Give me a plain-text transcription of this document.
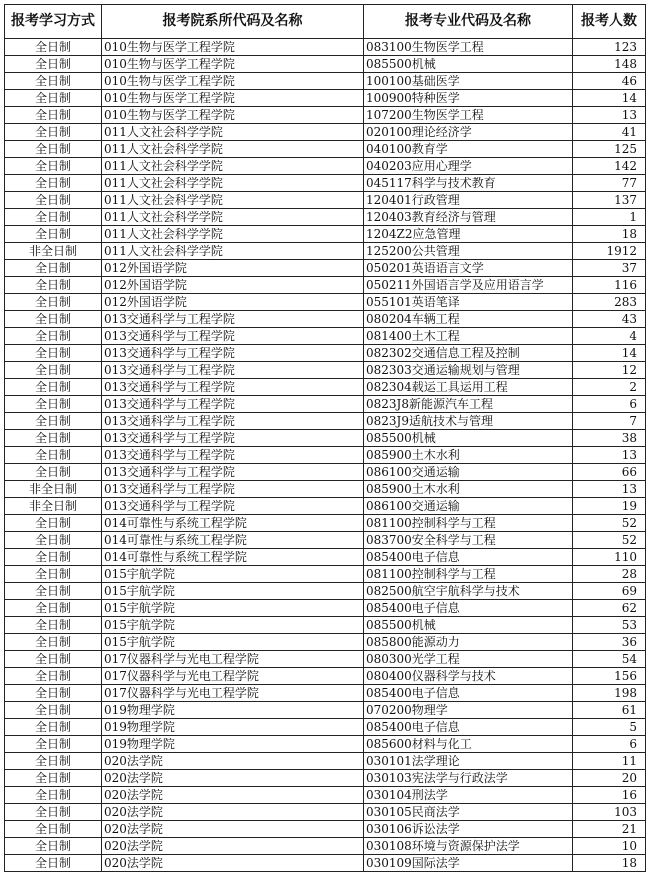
报考学习方式	报考院系所代码及名称	报考专业代码及名称	报考人数
全日制	010生物与医学工程学院	083100生物医学工程	123
全日制	010生物与医学工程学院	085500机械	148
全日制	010生物与医学工程学院	100100基础医学	46
全日制	010生物与医学工程学院	100900特种医学	14
全日制	010生物与医学工程学院	107200生物医学工程	13
全日制	011人文社会科学学院	020100理论经济学	41
全日制	011人文社会科学学院	040100教育学	125
全日制	011人文社会科学学院	040203应用心理学	142
全日制	011人文社会科学学院	045117科学与技术教育	77
全日制	011人文社会科学学院	120401行政管理	137
全日制	011人文社会科学学院	120403教育经济与管理	1
全日制	011人文社会科学学院	1204Z2应急管理	18
非全日制	011人文社会科学学院	125200公共管理	1912
全日制	012外国语学院	050201英语语言文学	37
全日制	012外国语学院	050211外国语言学及应用语言学	116
全日制	012外国语学院	055101英语笔译	283
全日制	013交通科学与工程学院	080204车辆工程	43
全日制	013交通科学与工程学院	081400土木工程	4
全日制	013交通科学与工程学院	082302交通信息工程及控制	14
全日制	013交通科学与工程学院	082303交通运输规划与管理	12
全日制	013交通科学与工程学院	082304载运工具运用工程	2
全日制	013交通科学与工程学院	0823J8新能源汽车工程	6
全日制	013交通科学与工程学院	0823J9适航技术与管理	7
全日制	013交通科学与工程学院	085500机械	38
全日制	013交通科学与工程学院	085900土木水利	13
全日制	013交通科学与工程学院	086100交通运输	66
非全日制	013交通科学与工程学院	085900土木水利	13
非全日制	013交通科学与工程学院	086100交通运输	19
全日制	014可靠性与系统工程学院	081100控制科学与工程	52
全日制	014可靠性与系统工程学院	083700安全科学与工程	52
全日制	014可靠性与系统工程学院	085400电子信息	110
全日制	015宇航学院	081100控制科学与工程	28
全日制	015宇航学院	082500航空宇航科学与技术	69
全日制	015宇航学院	085400电子信息	62
全日制	015宇航学院	085500机械	53
全日制	015宇航学院	085800能源动力	36
全日制	017仪器科学与光电工程学院	080300光学工程	54
全日制	017仪器科学与光电工程学院	080400仪器科学与技术	156
全日制	017仪器科学与光电工程学院	085400电子信息	198
全日制	019物理学院	070200物理学	61
全日制	019物理学院	085400电子信息	5
全日制	019物理学院	085600材料与化工	6
全日制	020法学院	030101法学理论	11
全日制	020法学院	030103宪法学与行政法学	20
全日制	020法学院	030104刑法学	16
全日制	020法学院	030105民商法学	103
全日制	020法学院	030106诉讼法学	21
全日制	020法学院	030108环境与资源保护法学	10
全日制	020法学院	030109国际法学	18
